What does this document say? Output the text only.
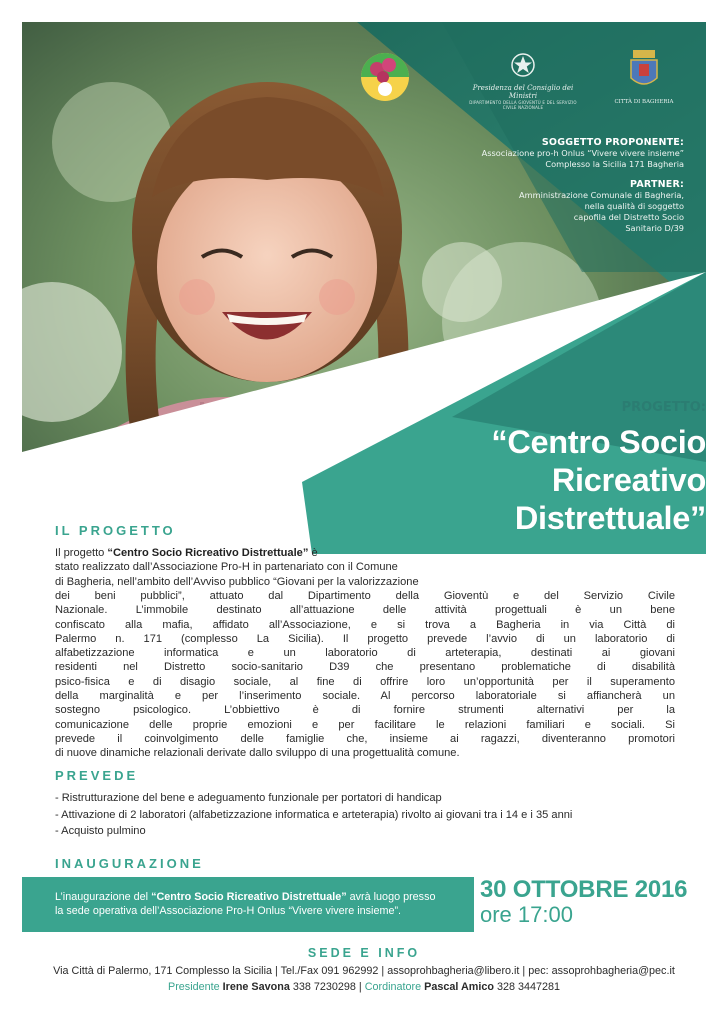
Presidenza del Consiglio dei Ministri
DIPARTIMENTO DELLA GIOVENTÙ E DEL SERVIZIO CIVILE NAZIONALE
CITTÀ DI BAGHERIA
SOGGETTO PROPONENTE:
Associazione pro-h Onlus “Vivere vivere insieme”
Complesso la Sicilia 171 Bagheria
PARTNER:
Amministrazione Comunale di Bagheria,
nella qualità di soggetto
capofila del Distretto Socio
Sanitario D/39
PROGETTO:
“Centro Socio
Ricreativo
Distrettuale”
IL PROGETTO
Il progetto “Centro Socio Ricreativo Distrettuale” è
stato realizzato dall’Associazione Pro-H in partenariato con il Comune
di Bagheria, nell’ambito dell’Avviso pubblico “Giovani per la valorizzazione
dei beni pubblici”, attuato dal Dipartimento della Gioventù e del Servizio Civile
Nazionale. L’immobile destinato all’attuazione delle attività progettuali è un bene
confiscato alla mafia, affidato all’Associazione, e si trova a Bagheria in via Città di
Palermo n. 171 (complesso La Sicilia). Il progetto prevede l’avvio di un laboratorio di
alfabetizzazione informatica e un laboratorio di arteterapia, destinati ai giovani
residenti nel Distretto socio-sanitario D39 che presentano problematiche di disabilità
psico-fisica e di disagio sociale, al fine di offrire loro un’opportunità per il superamento
della marginalità e per l’inserimento sociale. Al percorso laboratoriale si affiancherà un
sostegno psicologico. L’obbiettivo è di fornire strumenti alternativi per la
comunicazione delle proprie emozioni e per facilitare le relazioni familiari e sociali. Si
prevede il coinvolgimento delle famiglie che, insieme ai ragazzi, diventeranno promotori
di nuove dinamiche relazionali derivate dallo sviluppo di una progettualità comune.
PREVEDE
- Ristrutturazione del bene e adeguamento funzionale per portatori di handicap
- Attivazione di 2 laboratori (alfabetizzazione informatica e arteterapia) rivolto ai giovani tra i 14 e i 35 anni
- Acquisto pulmino
INAUGURAZIONE
L’inaugurazione del “Centro Socio Ricreativo Distrettuale” avrà luogo presso
la sede operativa dell’Associazione Pro-H Onlus “Vivere vivere insieme”.
30 OTTOBRE 2016
ore 17:00
SEDE E INFO
Via Città di Palermo, 171 Complesso la Sicilia | Tel./Fax 091 962992 | assoprohbagheria@libero.it | pec: assoprohbagheria@pec.it
Presidente Irene Savona 338 7230298 | Cordinatore Pascal Amico 328 3447281
